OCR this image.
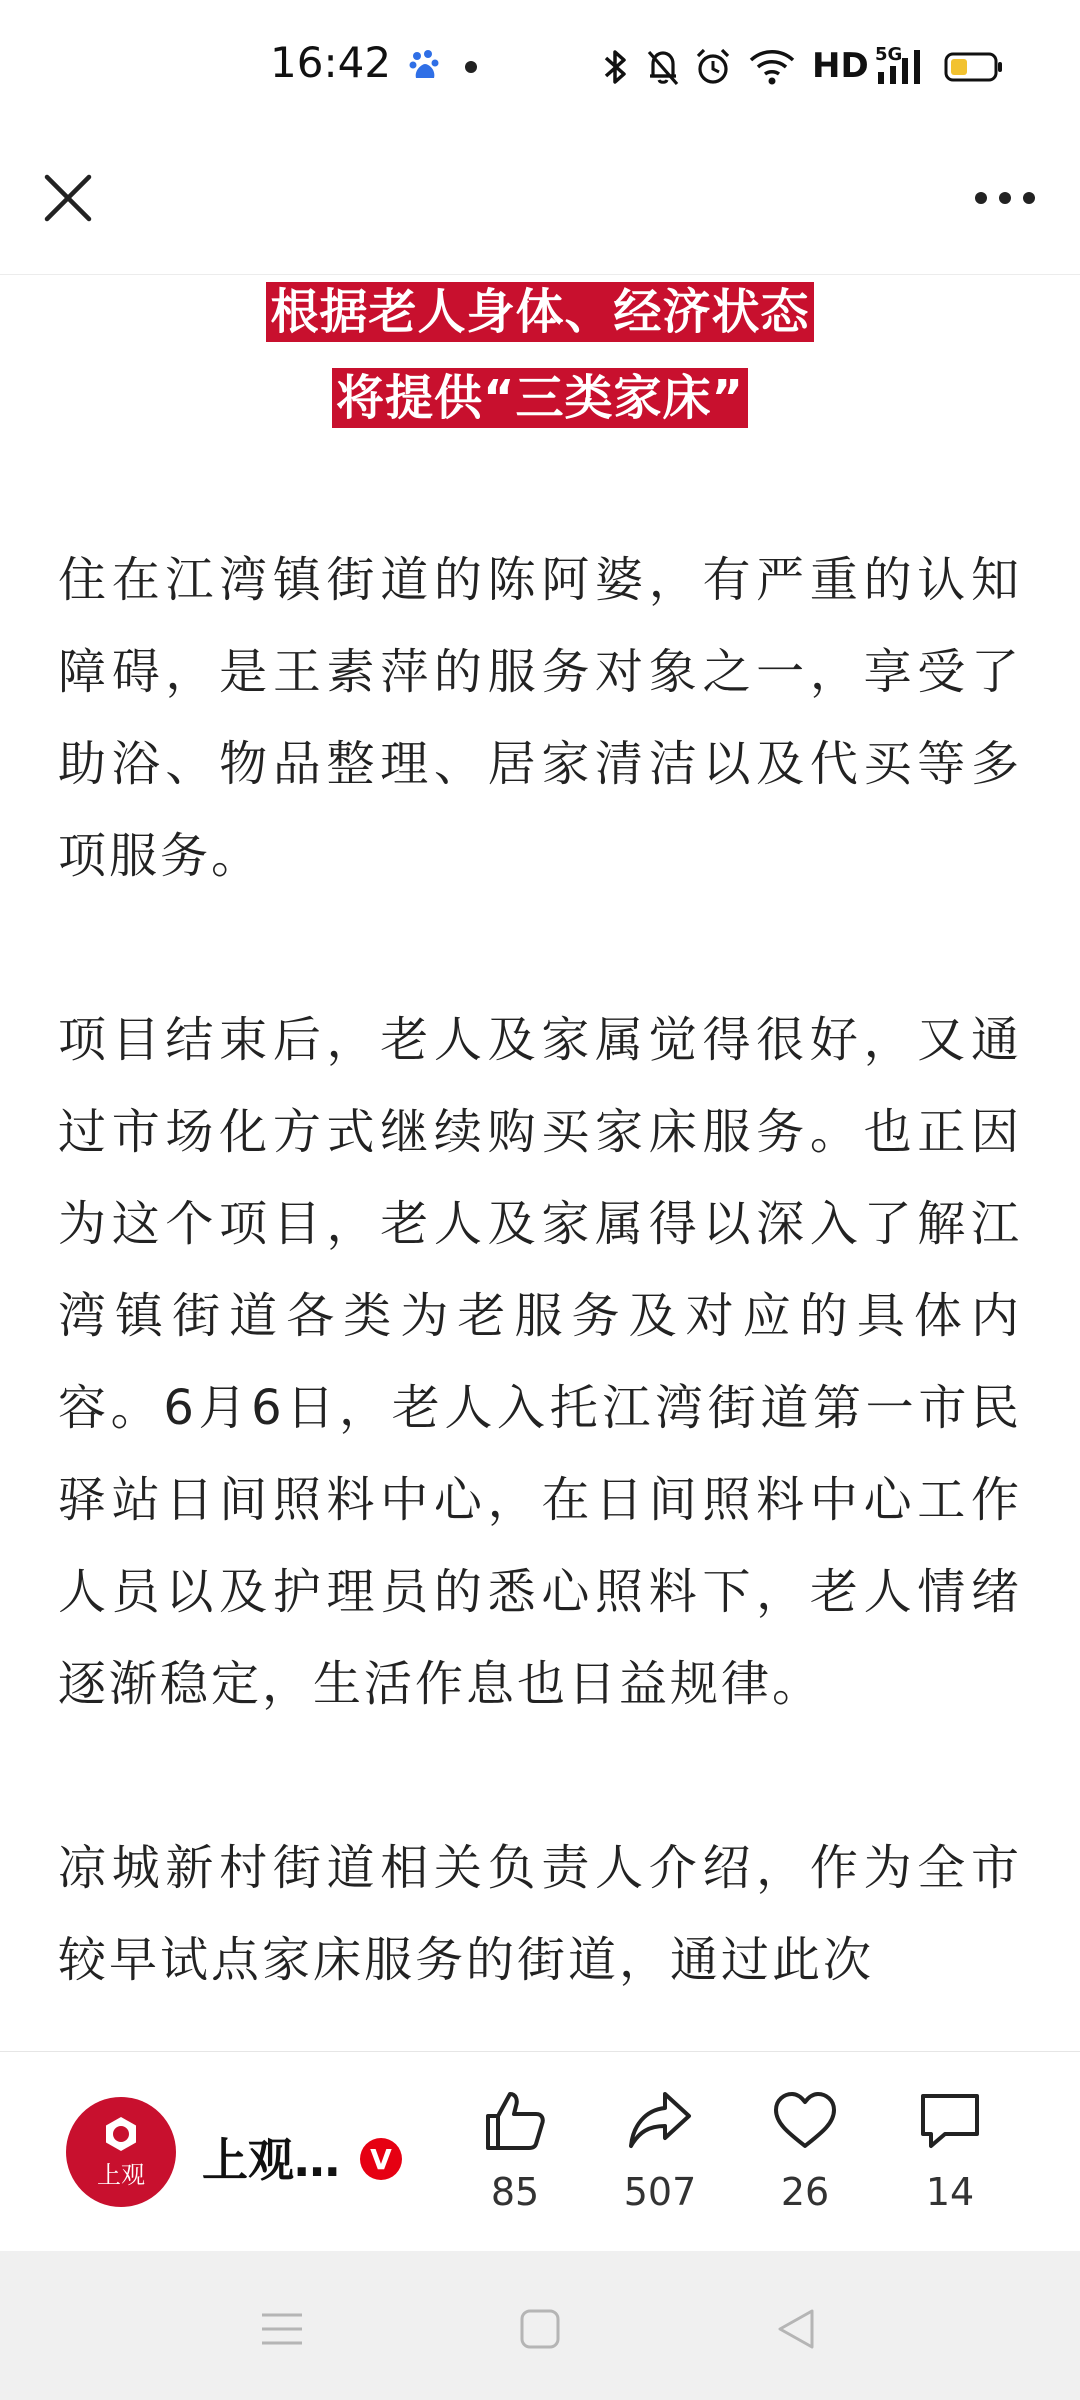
16:42	HD 5G
根据老人身体、经济状态
将提供“三类家床”

住在江湾镇街道的陈阿婆，有严重的认知障碍，是王素萍的服务对象之一，享受了助浴、物品整理、居家清洁以及代买等多项服务。

项目结束后，老人及家属觉得很好，又通过市场化方式继续购买家床服务。也正因为这个项目，老人及家属得以深入了解江湾镇街道各类为老服务及对应的具体内容。6月6日，老人入托江湾街道第一市民驿站日间照料中心，在日间照料中心工作人员以及护理员的悉心照料下，老人情绪逐渐稳定，生活作息也日益规律。

凉城新村街道相关负责人介绍，作为全市较早试点家床服务的街道，通过此次

上观 上观…	V
85 507 26	14
